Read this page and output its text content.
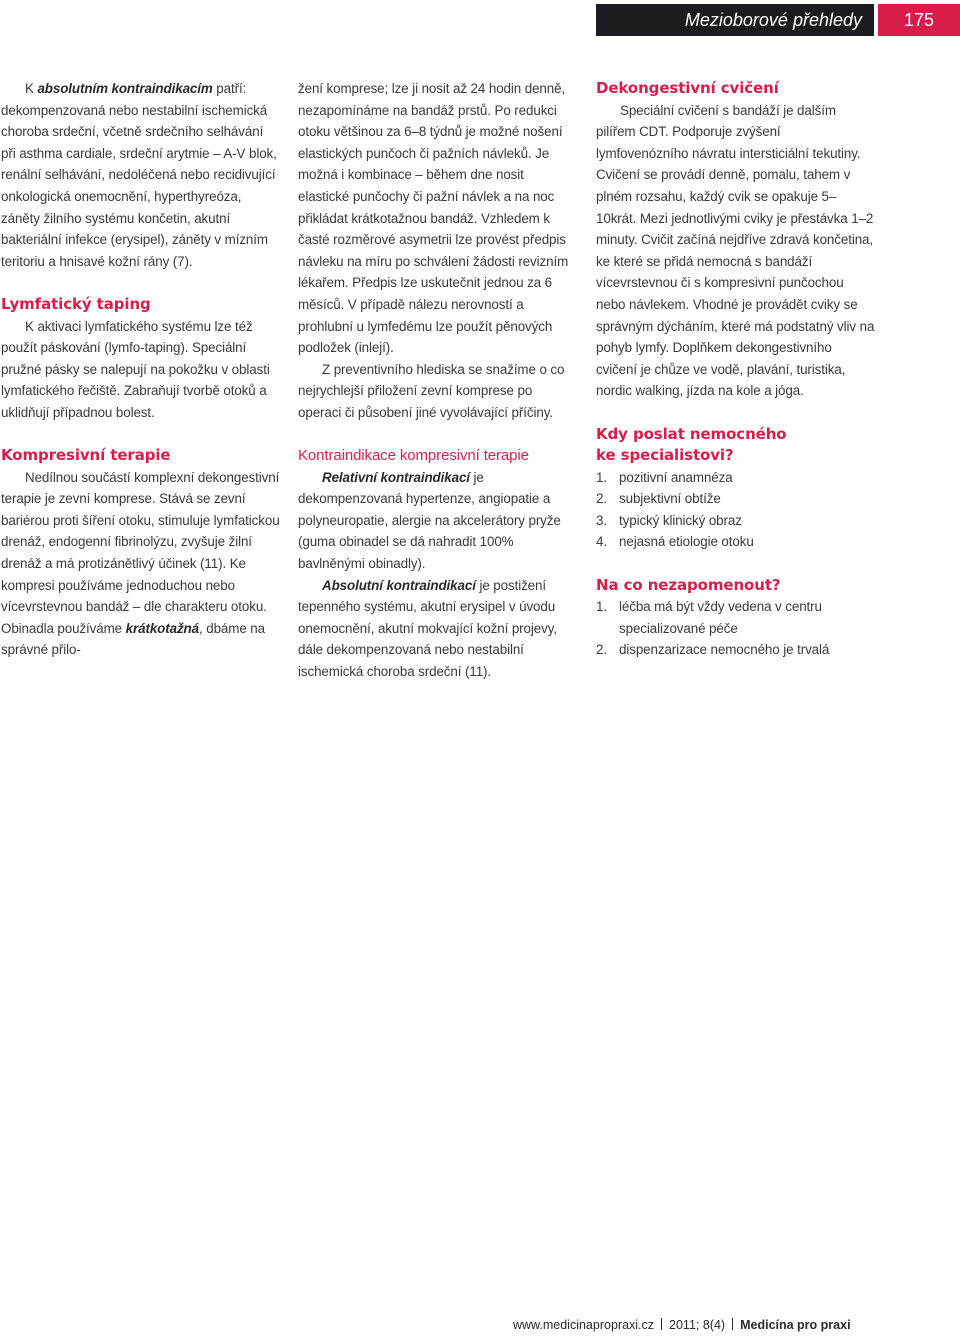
Mezioborové přehledy	175

K absolutním kontraindikacím patří: dekompenzovaná nebo nestabilní ischemická choroba srdeční, včetně srdečního selhávání při asthma cardiale, srdeční arytmie – A-V blok, renální selhávání, nedoléčená nebo recidivující onkologická onemocnění, hyperthyreóza, záněty žilního systému končetin, akutní bakteriální infekce (erysipel), záněty v mízním teritoriu a hnisavé kožní rány (7).

Lymfatický taping

K aktivaci lymfatického systému lze též použít páskování (lymfo-taping). Speciální pružné pásky se nalepují na pokožku v oblasti lymfatického řečiště. Zabraňují tvorbě otoků a uklidňují případnou bolest.

Kompresivní terapie

Nedílnou součástí komplexní dekongestivní terapie je zevní komprese. Stává se zevní bariérou proti šíření otoku, stimuluje lymfatickou drenáž, endogenní fibrinolýzu, zvyšuje žilní drenáž a má protizánětlivý účinek (11). Ke kompresi používáme jednoduchou nebo vícevrstevnou bandáž – dle charakteru otoku. Obinadla používáme krátkotažná, dbáme na správné přilo-

žení komprese; lze ji nosit až 24 hodin denně, nezapomínáme na bandáž prstů. Po redukci otoku většinou za 6–8 týdnů je možné nošení elastických punčoch či pažních návleků. Je možná i kombinace – během dne nosit elastické punčochy či pažní návlek a na noc přikládat krátkotažnou bandáž. Vzhledem k časté rozměrové asymetrii lze provést předpis návleku na míru po schválení žádosti revizním lékařem. Předpis lze uskutečnit jednou za 6 měsíců. V případě nálezu nerovností a prohlubní u lymfedému lze použít pěnových podložek (inlejí).

Z preventivního hlediska se snažíme o co nejrychlejší přiložení zevní komprese po operaci či působení jiné vyvolávající příčiny.

Kontraindikace kompresivní terapie

Relativní kontraindikací je dekompenzovaná hypertenze, angiopatie a polyneuropatie, alergie na akcelerátory pryže (guma obinadel se dá nahradit 100% bavlněnými obinadly).

Absolutní kontraindikací je postižení tepenného systému, akutní erysipel v úvodu onemocnění, akutní mokvající kožní projevy, dále dekompenzovaná nebo nestabilní ischemická choroba srdeční (11).

Dekongestivní cvičení

Speciální cvičení s bandáží je dalším pilířem CDT. Podporuje zvýšení lymfovenózního návratu intersticiální tekutiny. Cvičení se provádí denně, pomalu, tahem v plném rozsahu, každý cvik se opakuje 5–10krát. Mezi jednotlivými cviky je přestávka 1–2 minuty. Cvičit začíná nejdříve zdravá končetina, ke které se přidá nemocná s bandáží vícevrstevnou či s kompresivní punčochou nebo návlekem. Vhodné je provádět cviky se správným dýcháním, které má podstatný vliv na pohyb lymfy. Doplňkem dekongestivního cvičení je chůze ve vodě, plavání, turistika, nordic walking, jízda na kole a jóga.

Kdy poslat nemocného
ke specialistovi?
1. pozitivní anamnéza
2. subjektivní obtíže
3. typický klinický obraz
4. nejasná etiologie otoku
Na co nezapomenout?
1. léčba má být vždy vedena v centru specializované péče
2. dispenzarizace nemocného je trvalá
www.medicinapropraxi.cz 2011; 8(4) Medicína pro praxi
